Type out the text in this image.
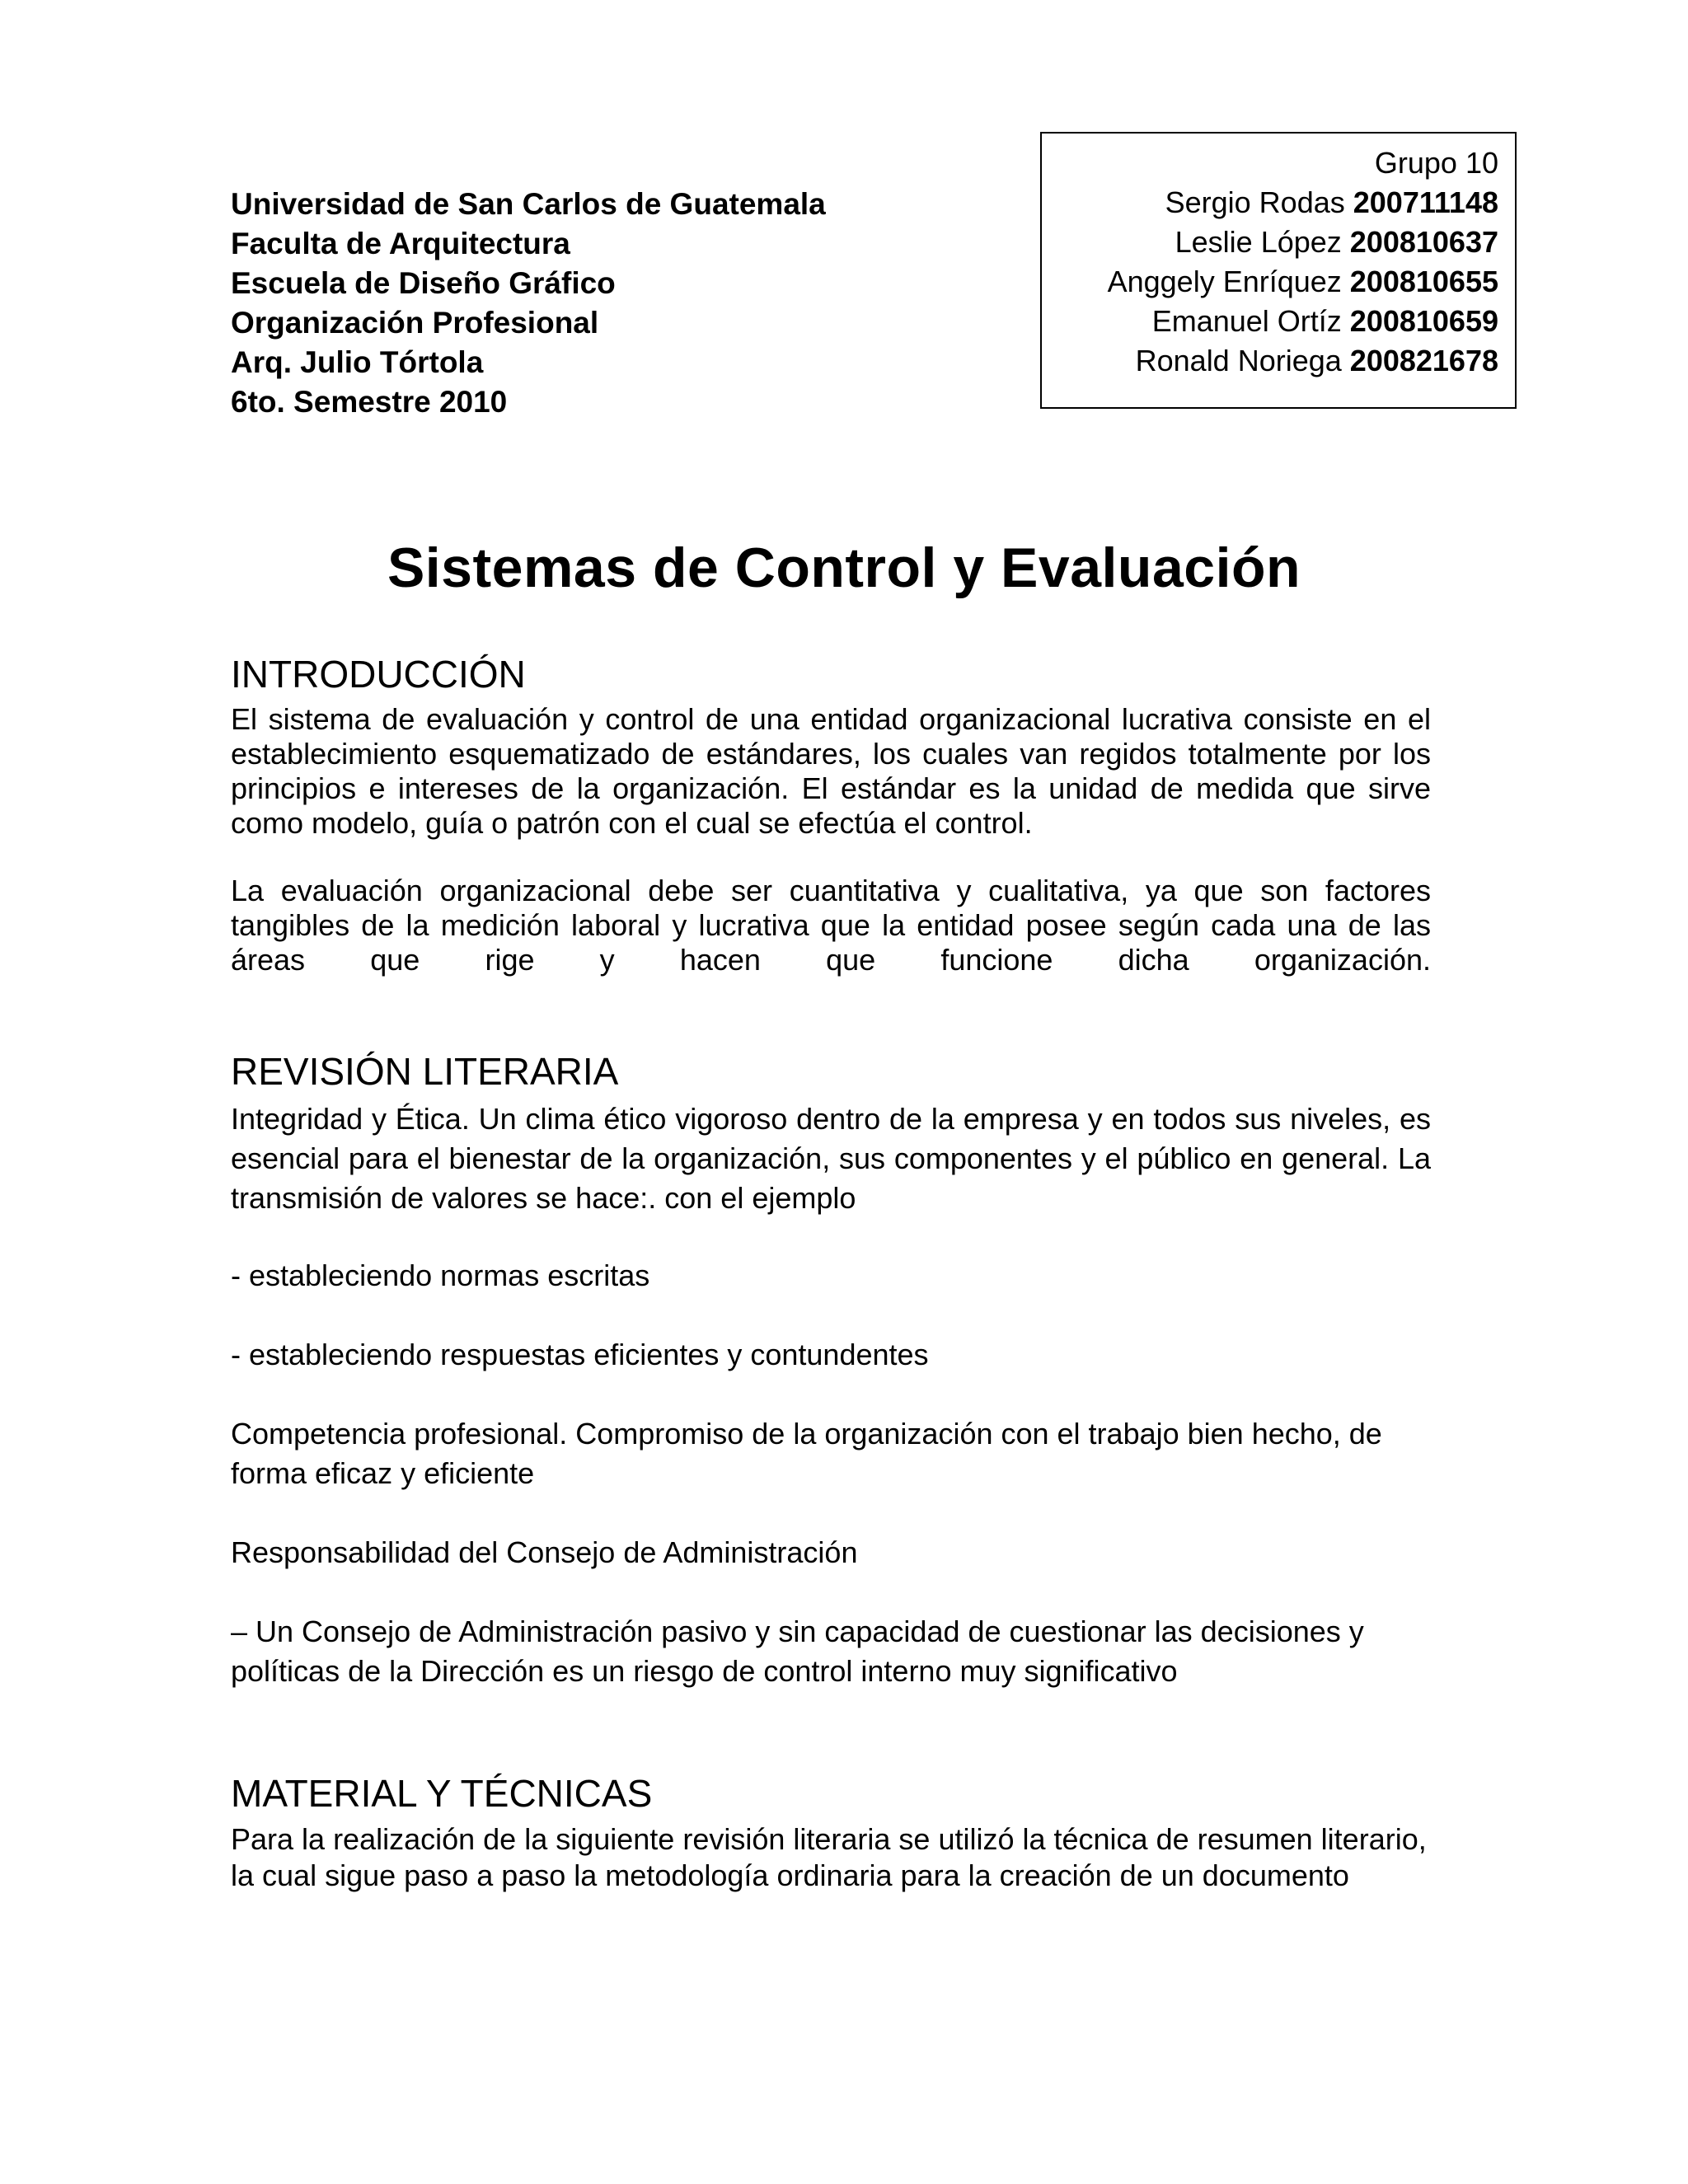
Universidad de San Carlos de Guatemala
Faculta de Arquitectura
Escuela de Diseño Gráfico
Organización Profesional
Arq. Julio Tórtola
6to. Semestre 2010
Grupo 10
Sergio Rodas 200711148
Leslie López 200810637
Anggely Enríquez 200810655
Emanuel Ortíz 200810659
Ronald Noriega 200821678
Sistemas de Control y Evaluación
INTRODUCCIÓN
El sistema de evaluación y control de una entidad organizacional lucrativa consiste en el establecimiento esquematizado de estándares, los cuales van regidos totalmente por los principios e intereses de la organización. El estándar es la unidad de medida que sirve como modelo, guía o patrón con el cual se efectúa el control.
La evaluación organizacional debe ser cuantitativa y cualitativa, ya que son factores tangibles de la medición laboral y lucrativa que la entidad posee según cada una de las áreas que rige y hacen que funcione dicha organización.
REVISIÓN LITERARIA
Integridad y Ética. Un clima ético vigoroso dentro de la empresa y en todos sus niveles, es esencial para el bienestar de la organización, sus componentes y el público en general. La transmisión de valores se hace:. con el ejemplo
- estableciendo normas escritas
- estableciendo respuestas eficientes y contundentes
Competencia profesional. Compromiso de la organización con el trabajo bien hecho, de forma eficaz y eficiente
Responsabilidad del Consejo de Administración
– Un Consejo de Administración pasivo y sin capacidad de cuestionar las decisiones y políticas de la Dirección es un riesgo de control interno muy significativo
MATERIAL Y TÉCNICAS
Para la realización de la siguiente revisión literaria se utilizó la técnica de resumen literario, la cual sigue paso a paso la metodología ordinaria para la creación de un documento
